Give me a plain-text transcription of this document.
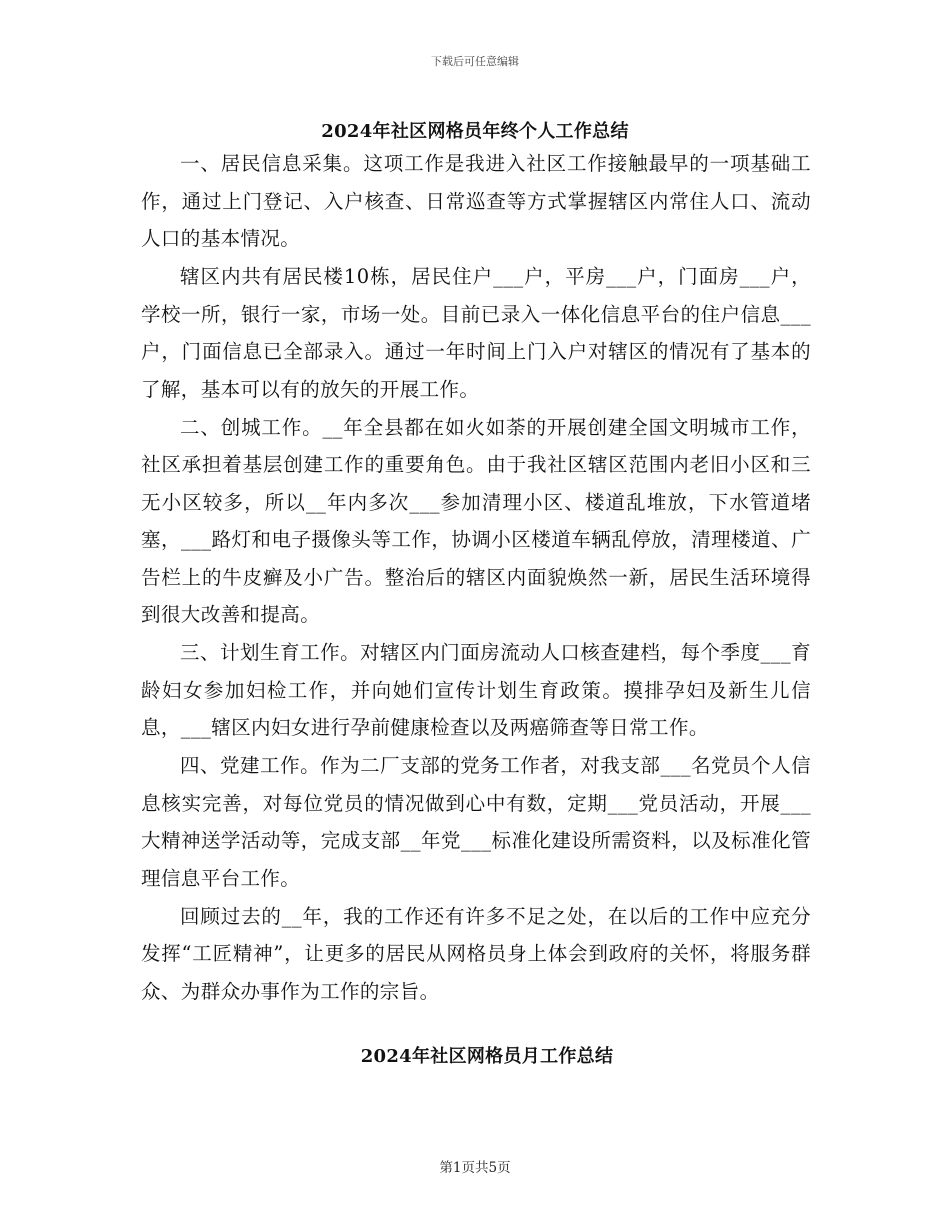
下载后可任意编辑
2024年社区网格员年终个人工作总结

一、居民信息采集。这项工作是我进入社区工作接触最早的一项基础工作，通过上门登记、入户核查、日常巡查等方式掌握辖区内常住人口、流动人口的基本情况。

辖区内共有居民楼10栋，居民住户___户，平房___户，门面房___户，学校一所，银行一家，市场一处。目前已录入一体化信息平台的住户信息___户，门面信息已全部录入。通过一年时间上门入户对辖区的情况有了基本的了解，基本可以有的放矢的开展工作。

二、创城工作。__年全县都在如火如荼的开展创建全国文明城市工作，社区承担着基层创建工作的重要角色。由于我社区辖区范围内老旧小区和三无小区较多，所以__年内多次___参加清理小区、楼道乱堆放，下水管道堵塞，___路灯和电子摄像头等工作，协调小区楼道车辆乱停放，清理楼道、广告栏上的牛皮癣及小广告。整治后的辖区内面貌焕然一新，居民生活环境得到很大改善和提高。

三、计划生育工作。对辖区内门面房流动人口核查建档，每个季度___育龄妇女参加妇检工作，并向她们宣传计划生育政策。摸排孕妇及新生儿信息，___辖区内妇女进行孕前健康检查以及两癌筛查等日常工作。

四、党建工作。作为二厂支部的党务工作者，对我支部___名党员个人信息核实完善，对每位党员的情况做到心中有数，定期___党员活动，开展___大精神送学活动等，完成支部__年党___标准化建设所需资料，以及标准化管理信息平台工作。

回顾过去的__年，我的工作还有许多不足之处，在以后的工作中应充分发挥“工匠精神”，让更多的居民从网格员身上体会到政府的关怀，将服务群众、为群众办事作为工作的宗旨。

2024年社区网格员月工作总结
第1页共5页
